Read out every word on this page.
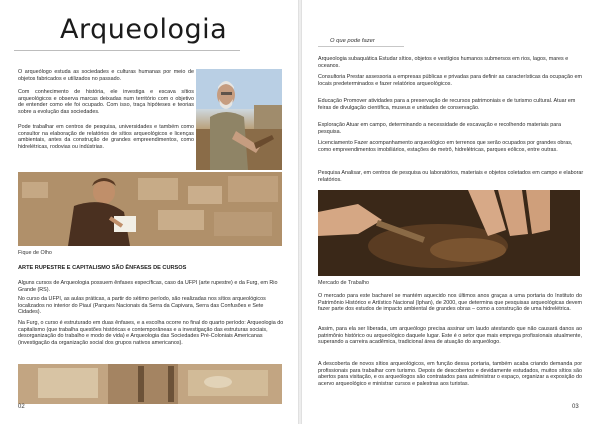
Arqueologia

O arqueólogo estuda as sociedades e culturas humanas por meio de objetos fabricados e utilizados no passado.

Com conhecimento de história, ele investiga e escava sítios arqueológicos e observa marcas deixadas num território com o objetivo de entender como ele foi ocupado. Com isso, traça hipóteses e teorias sobre a evolução das sociedades.

Pode trabalhar em centros de pesquisa, universidades e também como consultor na elaboração de relatórios de sítios arqueológicos e licenças ambientais, antes da construção de grandes empreendimentos, como hidrelétricas, rodovias ou indústrias.

Fique de Olho
ARTE RUPESTRE E CAPITALISMO SÃO ÊNFASES DE CURSOS

Alguns cursos de Arqueologia possuem ênfases específicas, caso da UFPI (arte rupestre) e da Furg, em Rio Grande (RS).

No curso da UFPI, as aulas práticas, a partir do sétimo período, são realizadas nos sítios arqueológicos localizados no interior do Piauí (Parques Nacionais da Serra da Capivara, Serra das Confusões e Sete Cidades).

Na Furg, o curso é estruturado em duas ênfases, e a escolha ocorre no final do quarto período: Arqueologia do capitalismo (que trabalha questões históricas e contemporâneas e a investigação das estruturas sociais, desorganização do trabalho e modo de vida) e Arqueologia das Sociedades Pré-Coloniais Americanas (investigação da organização social dos grupos nativos americanos).

02
O que pode fazer

Arqueologia subaquática Estudar sítios, objetos e vestígios humanos submersos em rios, lagos, mares e oceanos.

Consultoria Prestar assessoria a empresas públicas e privadas para definir as características da ocupação em locais predeterminados e fazer relatórios arqueológicos.

Educação Promover atividades para a preservação de recursos patrimoniais e de turismo cultural. Atuar em feiras de divulgação científica, museus e unidades de conservação.

Exploração Atuar em campo, determinando a necessidade de escavação e recolhendo materiais para pesquisa.

Licenciamento Fazer acompanhamento arqueológico em terrenos que serão ocupados por grandes obras, como empreendimentos imobiliários, estações de metrô, hidrelétricas, parques eólicos, entre outras.

Pesquisa Analisar, em centros de pesquisa ou laboratórios, materiais e objetos coletados em campo e elaborar relatórios.

Mercado de Trabalho

O mercado para este bacharel se mantém aquecido nos últimos anos graças a uma portaria do Instituto do Patrimônio Histórico e Artístico Nacional (Iphan), de 2000, que determina que pesquisas arqueológicas devem fazer parte dos estudos de impacto ambiental de grandes obras – como a construção de uma hidrelétrica.

Assim, para ela ser liberada, um arqueólogo precisa assinar um laudo atestando que não causará danos ao patrimônio histórico ou arqueológico daquele lugar. Este é o setor que mais emprega profissionais atualmente, superando a carreira acadêmica, tradicional área de atuação do arqueólogo.

A descoberta de novos sítios arqueológicos, em função dessa portaria, também acaba criando demanda por profissionais para trabalhar com turismo. Depois de descobertos e devidamente estudados, muitos sítios são abertos para visitação, e os arqueólogos são contratados para administrar o espaço, organizar a exposição do acervo arqueológico e ministrar cursos e palestras aos turistas.

03
